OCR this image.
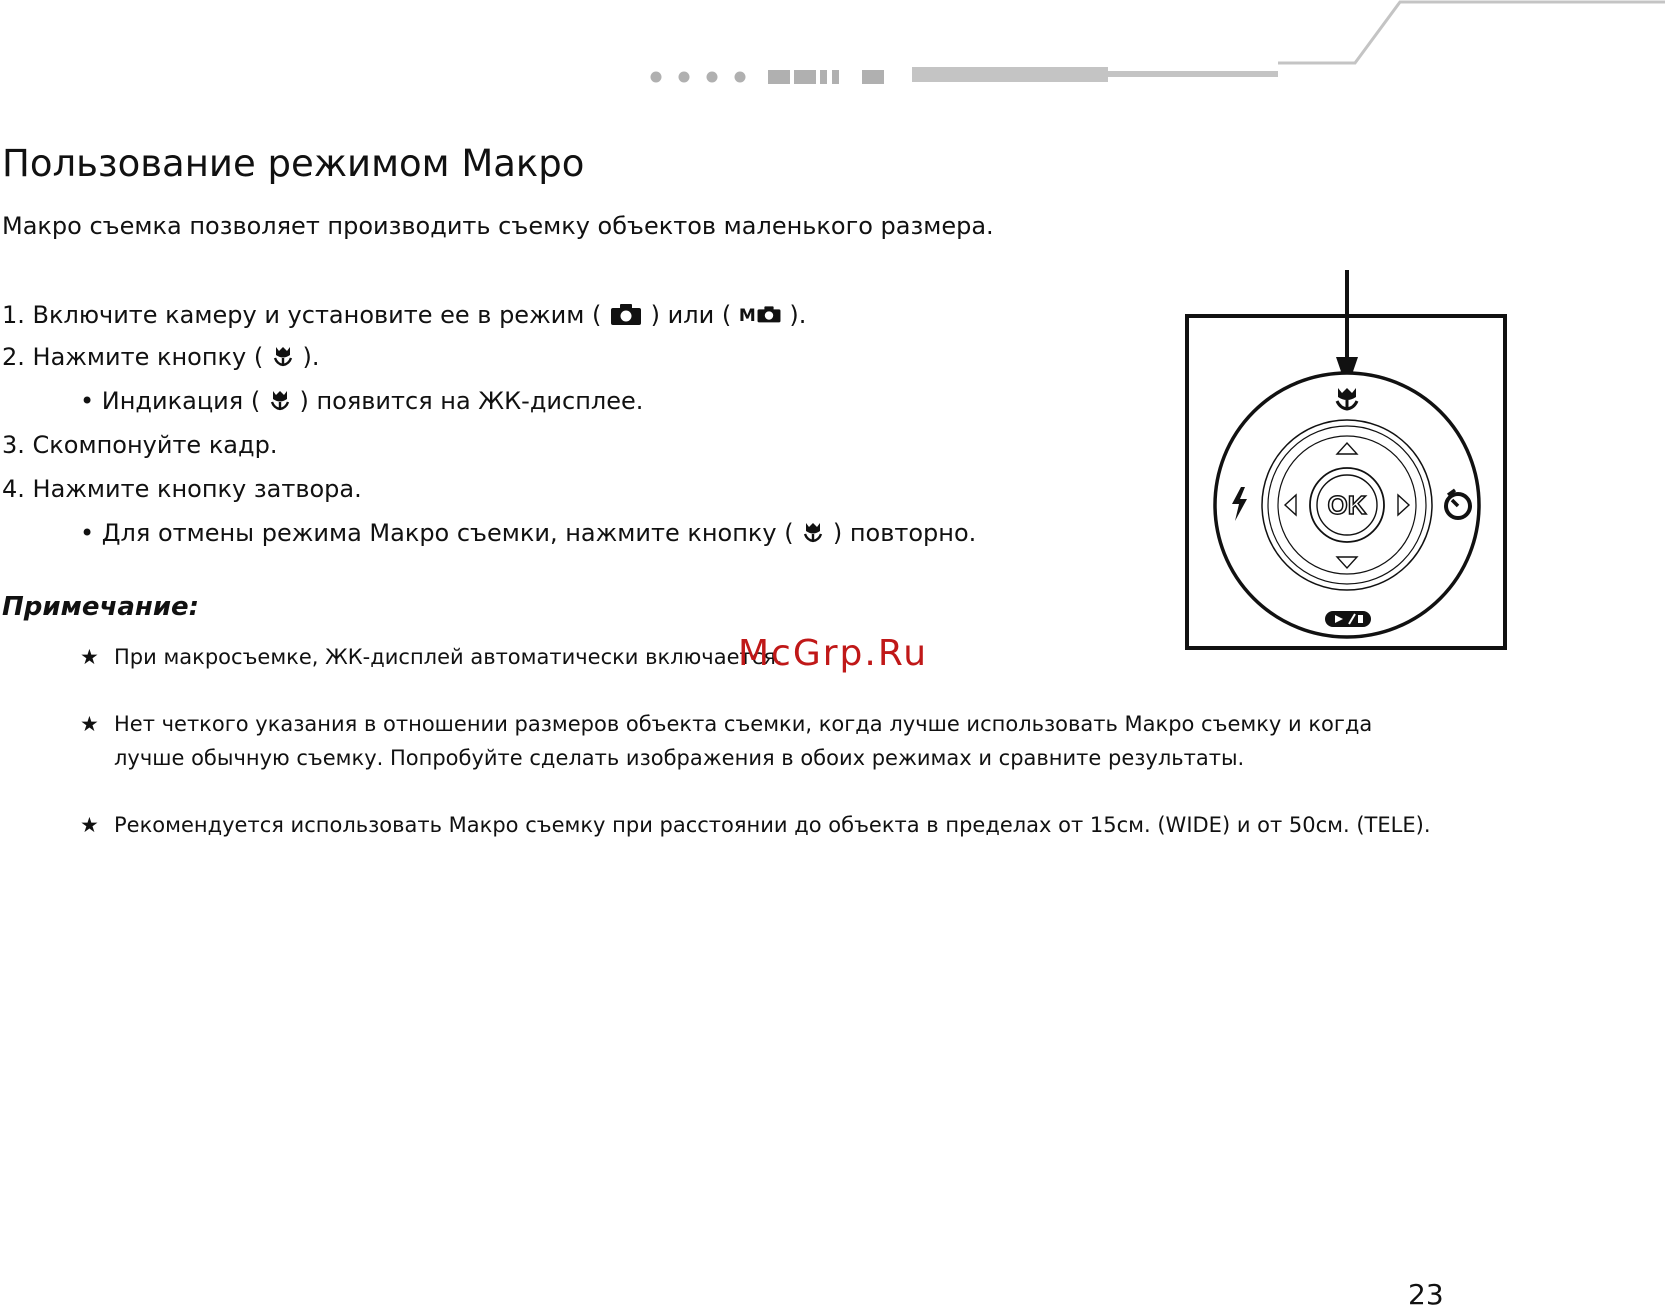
Пользование режимом Макро
Макро съемка позволяет производить съемку объектов маленького размера.
1. Включите камеру и установите ее в режим ( ) или ( M ).
2. Нажмите кнопку ( ).
• Индикация ( ) появится на ЖК-дисплее.
3. Скомпонуйте кадр.
4. Нажмите кнопку затвора.
• Для отмены режима Макро съемки, нажмите кнопку ( ) повторно.
Примечание:
★ При макросъемке, ЖК-дисплей автоматически включается.
★ Нет четкого указания в отношении размеров объекта съемки, когда лучше использовать Макро съемку и когда лучше обычную съемку. Попробуйте сделать изображения в обоих режимах и сравните результаты.
★ Рекомендуется использовать Макро съемку при расстоянии до объекта в пределах от 15см. (WIDE) и от 50см. (TELE).
OK
McGrp.Ru
23
